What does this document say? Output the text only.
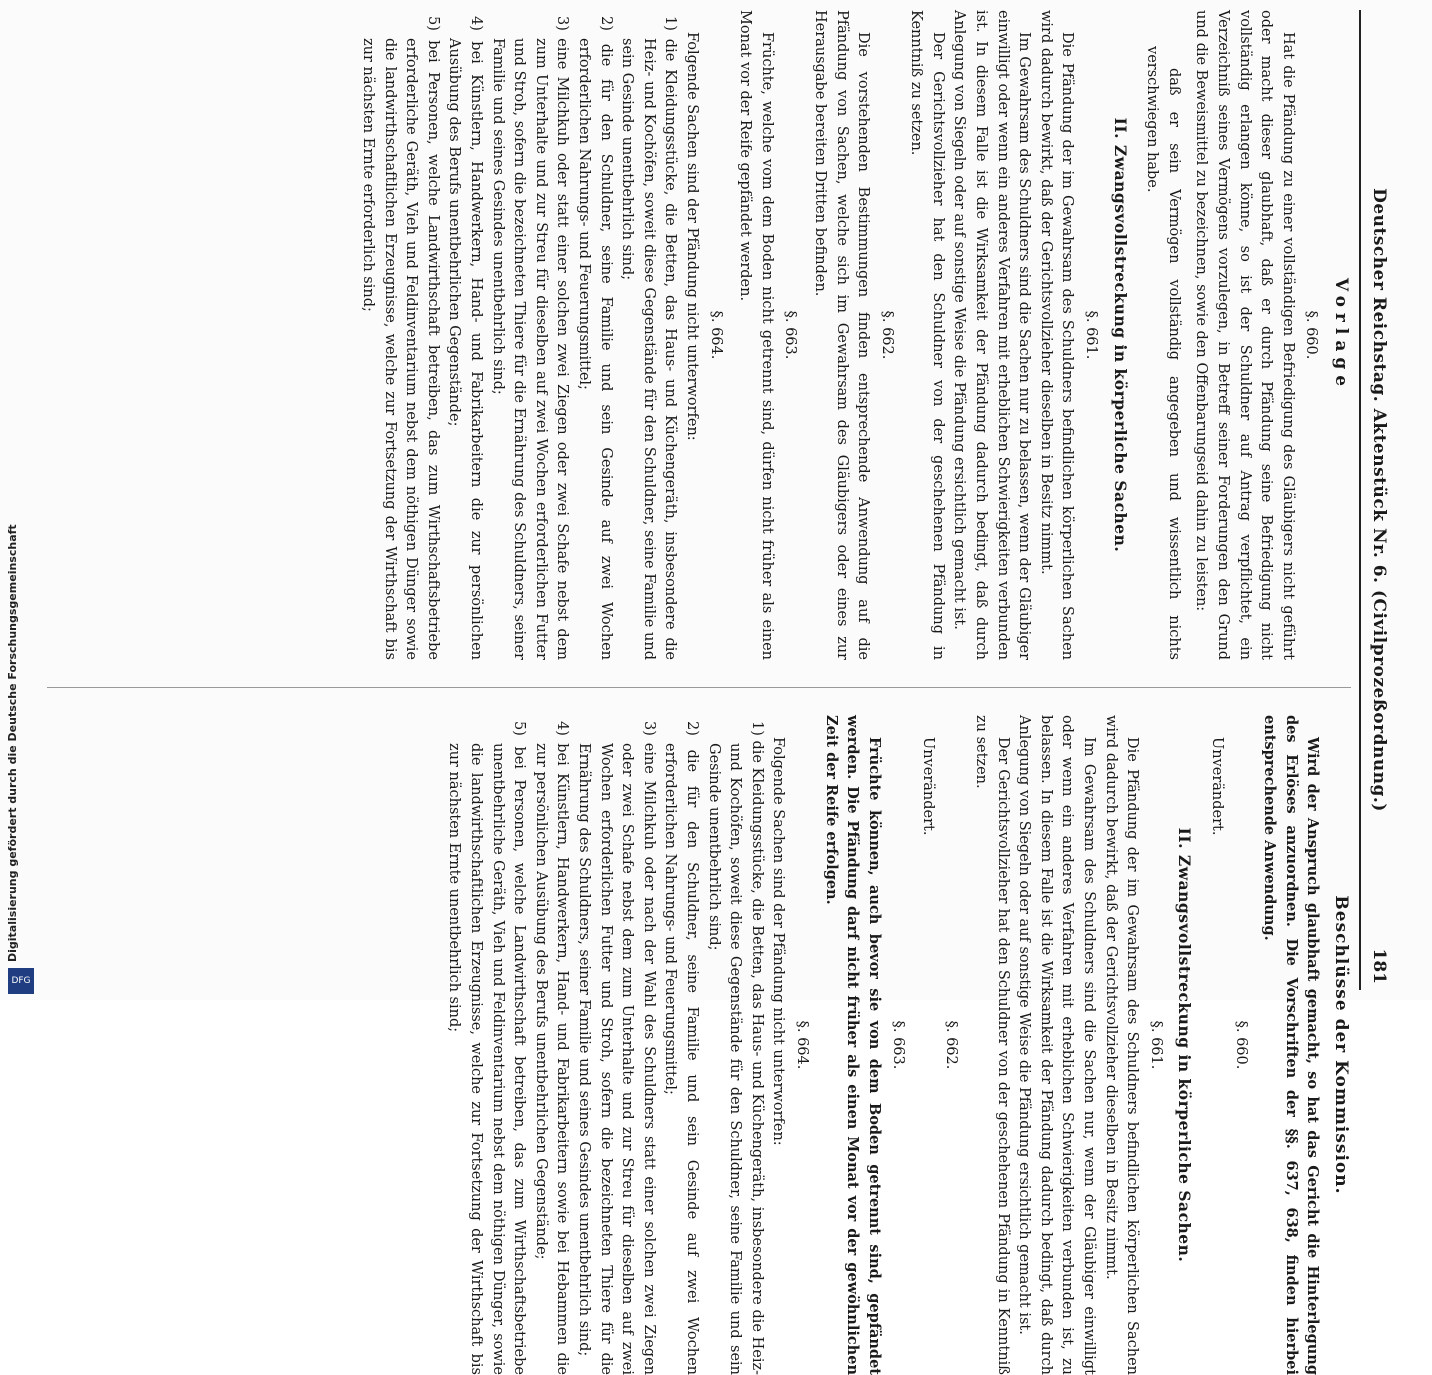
Deutscher Reichstag. Aktenstück Nr. 6. (Civilprozeßordnung.)
181
Vorlage
§. 660.

Hat die Pfändung zu einer vollständigen Befriedigung des Gläubigers nicht geführt oder macht dieser glaubhaft, daß er durch Pfändung seine Befriedigung nicht vollständig erlangen könne, so ist der Schuldner auf Antrag verpflichtet, ein Verzeichniß seines Vermögens vorzulegen, in Betreff seiner Forderungen den Grund und die Beweismittel zu bezeichnen, sowie den Offenbarungseid dahin zu leisten:

daß er sein Vermögen vollständig angegeben und wissentlich nichts verschwiegen habe.

II. Zwangsvollstreckung in körperliche Sachen.
§. 661.

Die Pfändung der im Gewahrsam des Schuldners befindlichen körperlichen Sachen wird dadurch bewirkt, daß der Gerichtsvollzieher dieselben in Besitz nimmt.

Im Gewahrsam des Schuldners sind die Sachen nur zu belassen, wenn der Gläubiger einwilligt oder wenn ein anderes Verfahren mit erheblichen Schwierigkeiten verbunden ist. In diesem Falle ist die Wirksamkeit der Pfändung dadurch bedingt, daß durch Anlegung von Siegeln oder auf sonstige Weise die Pfändung ersichtlich gemacht ist.

Der Gerichtsvollzieher hat den Schuldner von der geschehenen Pfändung in Kenntniß zu setzen.

§. 662.

Die vorstehenden Bestimmungen finden entsprechende Anwendung auf die Pfändung von Sachen, welche sich im Gewahrsam des Gläubigers oder eines zur Herausgabe bereiten Dritten befinden.

§. 663.

Früchte, welche vom dem Boden nicht getrennt sind, dürfen nicht früher als einen Monat vor der Reife gepfändet werden.

§. 664.

Folgende Sachen sind der Pfändung nicht unterworfen:

1) die Kleidungsstücke, die Betten, das Haus- und Küchengeräth, insbesondere die Heiz- und Kochöfen, soweit diese Gegenstände für den Schuldner, seine Familie und sein Gesinde unentbehrlich sind;
2) die für den Schuldner, seine Familie und sein Gesinde auf zwei Wochen erforderlichen Nahrungs- und Feuerungsmittel;
3) eine Milchkuh oder statt einer solchen zwei Ziegen oder zwei Schafe nebst dem zum Unterhalte und zur Streu für dieselben auf zwei Wochen erforderlichen Futter und Stroh, sofern die bezeichneten Thiere für die Ernährung des Schuldners, seiner Familie und seines Gesindes unentbehrlich sind;
4) bei Künstlern, Handwerkern, Hand- und Fabrikarbeitern die zur persönlichen Ausübung des Berufs unentbehrlichen Gegenstände;
5) bei Personen, welche Landwirthschaft betreiben, das zum Wirthschaftsbetriebe erforderliche Geräth, Vieh und Feldinventarium nebst dem nöthigen Dünger sowie die landwirthschaftlichen Erzeugnisse, welche zur Fortsetzung der Wirthschaft bis zur nächsten Ernte erforderlich sind;
Beschlüsse der Kommission.

Wird der Anspruch glaubhaft gemacht, so hat das Gericht die Hinterlegung des Erlöses anzuordnen. Die Vorschriften der §§. 637, 638, finden hierbei entsprechende Anwendung.

§. 660.

Unverändert.

II. Zwangsvollstreckung in körperliche Sachen.
§. 661.

Die Pfändung der im Gewahrsam des Schuldners befindlichen körperlichen Sachen wird dadurch bewirkt, daß der Gerichtsvollzieher dieselben in Besitz nimmt.

Im Gewahrsam des Schuldners sind die Sachen nur, wenn der Gläubiger einwilligt oder wenn ein anderes Verfahren mit erheblichen Schwierigkeiten verbunden ist, zu belassen. In diesem Falle ist die Wirksamkeit der Pfändung dadurch bedingt, daß durch Anlegung von Siegeln oder auf sonstige Weise die Pfändung ersichtlich gemacht ist.

Der Gerichtsvollzieher hat den Schuldner von der geschehenen Pfändung in Kenntniß zu setzen.

§. 662.

Unverändert.

§. 663.

Früchte können, auch bevor sie von dem Boden getrennt sind, gepfändet werden. Die Pfändung darf nicht früher als einen Monat vor der gewöhnlichen Zeit der Reife erfolgen.

§. 664.

Folgende Sachen sind der Pfändung nicht unterworfen:

1) die Kleidungsstücke, die Betten, das Haus- und Küchengeräth, insbesondere die Heiz- und Kochöfen, soweit diese Gegenstände für den Schuldner, seine Familie und sein Gesinde unentbehrlich sind;
2) die für den Schuldner, seine Familie und sein Gesinde auf zwei Wochen erforderlichen Nahrungs- und Feuerungsmittel;
3) eine Milchkuh oder nach der Wahl des Schuldners statt einer solchen zwei Ziegen oder zwei Schafe nebst dem zum Unterhalte und zur Streu für dieselben auf zwei Wochen erforderlichen Futter und Stroh, sofern die bezeichneten Thiere für die Ernährung des Schuldners, seiner Familie und seines Gesindes unentbehrlich sind;
4) bei Künstlern, Handwerkern, Hand- und Fabrikarbeitern sowie bei Hebammen die zur persönlichen Ausübung des Berufs unentbehrlichen Gegenstände;
5) bei Personen, welche Landwirthschaft betreiben, das zum Wirthschaftsbetriebe unentbehrliche Geräth, Vieh und Feldinventarium nebst dem nöthigen Dünger, sowie die landwirthschaftlichen Erzeugnisse, welche zur Fortsetzung der Wirthschaft bis zur nächsten Ernte unentbehrlich sind;
Digitalisierung gefördert durch die Deutsche Forschungsgemeinschaft
DFG
